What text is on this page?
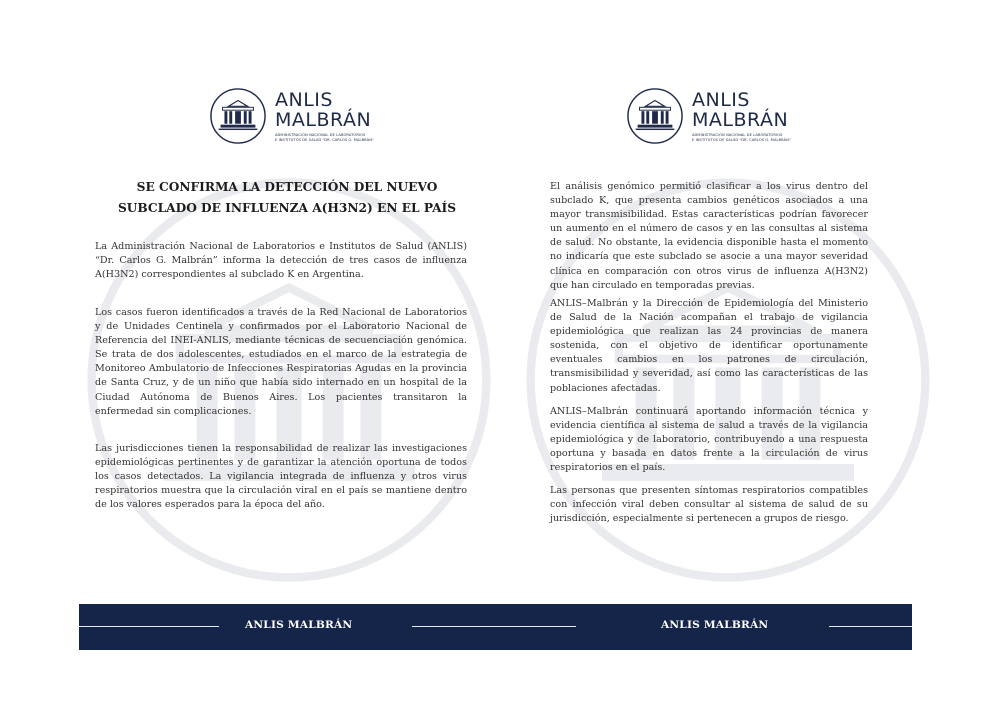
ANLIS
MALBRÁN
ADMINISTRACIÓN NACIONAL DE LABORATORIOS
E INSTITUTOS DE SALUD "DR. CARLOS G. MALBRÁN"
SE CONFIRMA LA DETECCIÓN DEL NUEVO
SUBCLADO DE INFLUENZA A(H3N2) EN EL PAÍS
La Administración Nacional de Laboratorios e Institutos de Salud (ANLIS) “Dr. Carlos G. Malbrán” informa la detección de tres casos de influenza A(H3N2) correspondientes al subclado K en Argentina.
Los casos fueron identificados a través de la Red Nacional de Laboratorios y de Unidades Centinela y confirmados por el Laboratorio Nacional de Referencia del INEI-ANLIS, mediante técnicas de secuenciación genómica. Se trata de dos adolescentes, estudiados en el marco de la estrategia de Monitoreo Ambulatorio de Infecciones Respiratorias Agudas en la provincia de Santa Cruz, y de un niño que había sido internado en un hospital de la Ciudad Autónoma de Buenos Aires. Los pacientes transitaron la enfermedad sin complicaciones.
Las jurisdicciones tienen la responsabilidad de realizar las investigaciones epidemiológicas pertinentes y de garantizar la atención oportuna de todos los casos detectados. La vigilancia integrada de influenza y otros virus respiratorios muestra que la circulación viral en el país se mantiene dentro de los valores esperados para la época del año.
ANLIS
MALBRÁN
ADMINISTRACIÓN NACIONAL DE LABORATORIOS
E INSTITUTOS DE SALUD "DR. CARLOS G. MALBRÁN"
El análisis genómico permitió clasificar a los virus dentro del subclado K, que presenta cambios genéticos asociados a una mayor transmisibilidad. Estas características podrían favorecer un aumento en el número de casos y en las consultas al sistema de salud. No obstante, la evidencia disponible hasta el momento no indicaría que este subclado se asocie a una mayor severidad clínica en comparación con otros virus de influenza A(H3N2) que han circulado en temporadas previas.
ANLIS–Malbrán y la Dirección de Epidemiología del Ministerio de Salud de la Nación acompañan el trabajo de vigilancia epidemiológica que realizan las 24 provincias de manera sostenida, con el objetivo de identificar oportunamente eventuales cambios en los patrones de circulación, transmisibilidad y severidad, así como las características de las poblaciones afectadas.
ANLIS–Malbrán continuará aportando información técnica y evidencia científica al sistema de salud a través de la vigilancia epidemiológica y de laboratorio, contribuyendo a una respuesta oportuna y basada en datos frente a la circulación de virus respiratorios en el país.
Las personas que presenten síntomas respiratorios compatibles con infección viral deben consultar al sistema de salud de su jurisdicción, especialmente si pertenecen a grupos de riesgo.
ANLIS MALBRÁN	ANLIS MALBRÁN
